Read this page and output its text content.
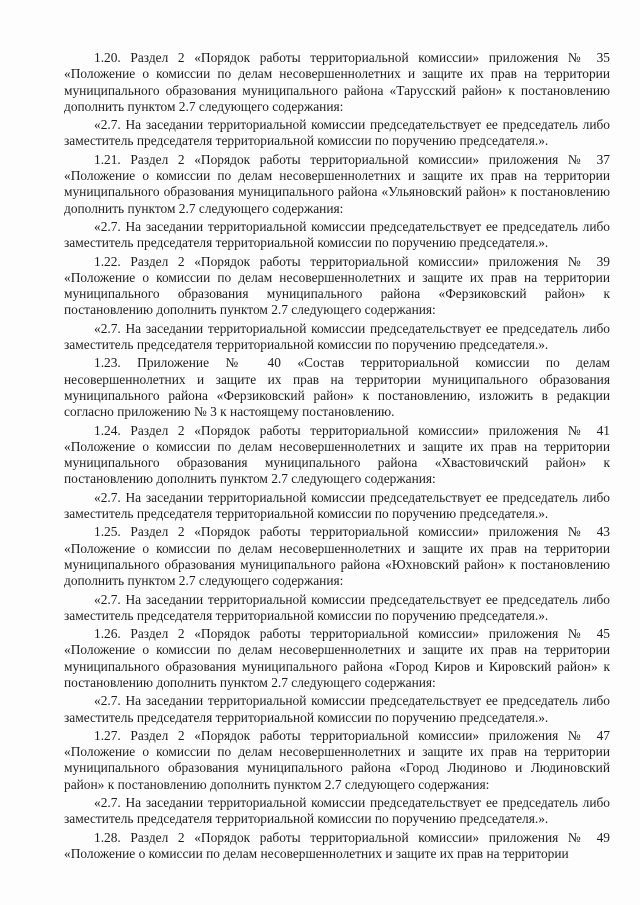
1.20. Раздел 2 «Порядок работы территориальной комиссии» приложения № 35 «Положение о комиссии по делам несовершеннолетних и защите их прав на территории муниципального образования муниципального района «Тарусский район» к постановлению дополнить пунктом 2.7 следующего содержания:

«2.7. На заседании территориальной комиссии председательствует ее председатель либо заместитель председателя территориальной комиссии по поручению председателя.».

1.21. Раздел 2 «Порядок работы территориальной комиссии» приложения № 37 «Положение о комиссии по делам несовершеннолетних и защите их прав на территории муниципального образования муниципального района «Ульяновский район» к постановлению дополнить пунктом 2.7 следующего содержания:

«2.7. На заседании территориальной комиссии председательствует ее председатель либо заместитель председателя территориальной комиссии по поручению председателя.».

1.22. Раздел 2 «Порядок работы территориальной комиссии» приложения № 39 «Положение о комиссии по делам несовершеннолетних и защите их прав на территории муниципального образования муниципального района «Ферзиковский район» к постановлению дополнить пунктом 2.7 следующего содержания:

«2.7. На заседании территориальной комиссии председательствует ее председатель либо заместитель председателя территориальной комиссии по поручению председателя.».

1.23. Приложение № 40 «Состав территориальной комиссии по делам несовершеннолетних и защите их прав на территории муниципального образования муниципального района «Ферзиковский район» к постановлению, изложить в редакции согласно приложению № 3 к настоящему постановлению.

1.24. Раздел 2 «Порядок работы территориальной комиссии» приложения № 41 «Положение о комиссии по делам несовершеннолетних и защите их прав на территории муниципального образования муниципального района «Хвастовичский район» к постановлению дополнить пунктом 2.7 следующего содержания:

«2.7. На заседании территориальной комиссии председательствует ее председатель либо заместитель председателя территориальной комиссии по поручению председателя.».

1.25. Раздел 2 «Порядок работы территориальной комиссии» приложения № 43 «Положение о комиссии по делам несовершеннолетних и защите их прав на территории муниципального образования муниципального района «Юхновский район» к постановлению дополнить пунктом 2.7 следующего содержания:

«2.7. На заседании территориальной комиссии председательствует ее председатель либо заместитель председателя территориальной комиссии по поручению председателя.».

1.26. Раздел 2 «Порядок работы территориальной комиссии» приложения № 45 «Положение о комиссии по делам несовершеннолетних и защите их прав на территории муниципального образования муниципального района «Город Киров и Кировский район» к постановлению дополнить пунктом 2.7 следующего содержания:

«2.7. На заседании территориальной комиссии председательствует ее председатель либо заместитель председателя территориальной комиссии по поручению председателя.».

1.27. Раздел 2 «Порядок работы территориальной комиссии» приложения № 47 «Положение о комиссии по делам несовершеннолетних и защите их прав на территории муниципального образования муниципального района «Город Людиново и Людиновский район» к постановлению дополнить пунктом 2.7 следующего содержания:

«2.7. На заседании территориальной комиссии председательствует ее председатель либо заместитель председателя территориальной комиссии по поручению председателя.».

1.28. Раздел 2 «Порядок работы территориальной комиссии» приложения № 49 «Положение о комиссии по делам несовершеннолетних и защите их прав на территории
